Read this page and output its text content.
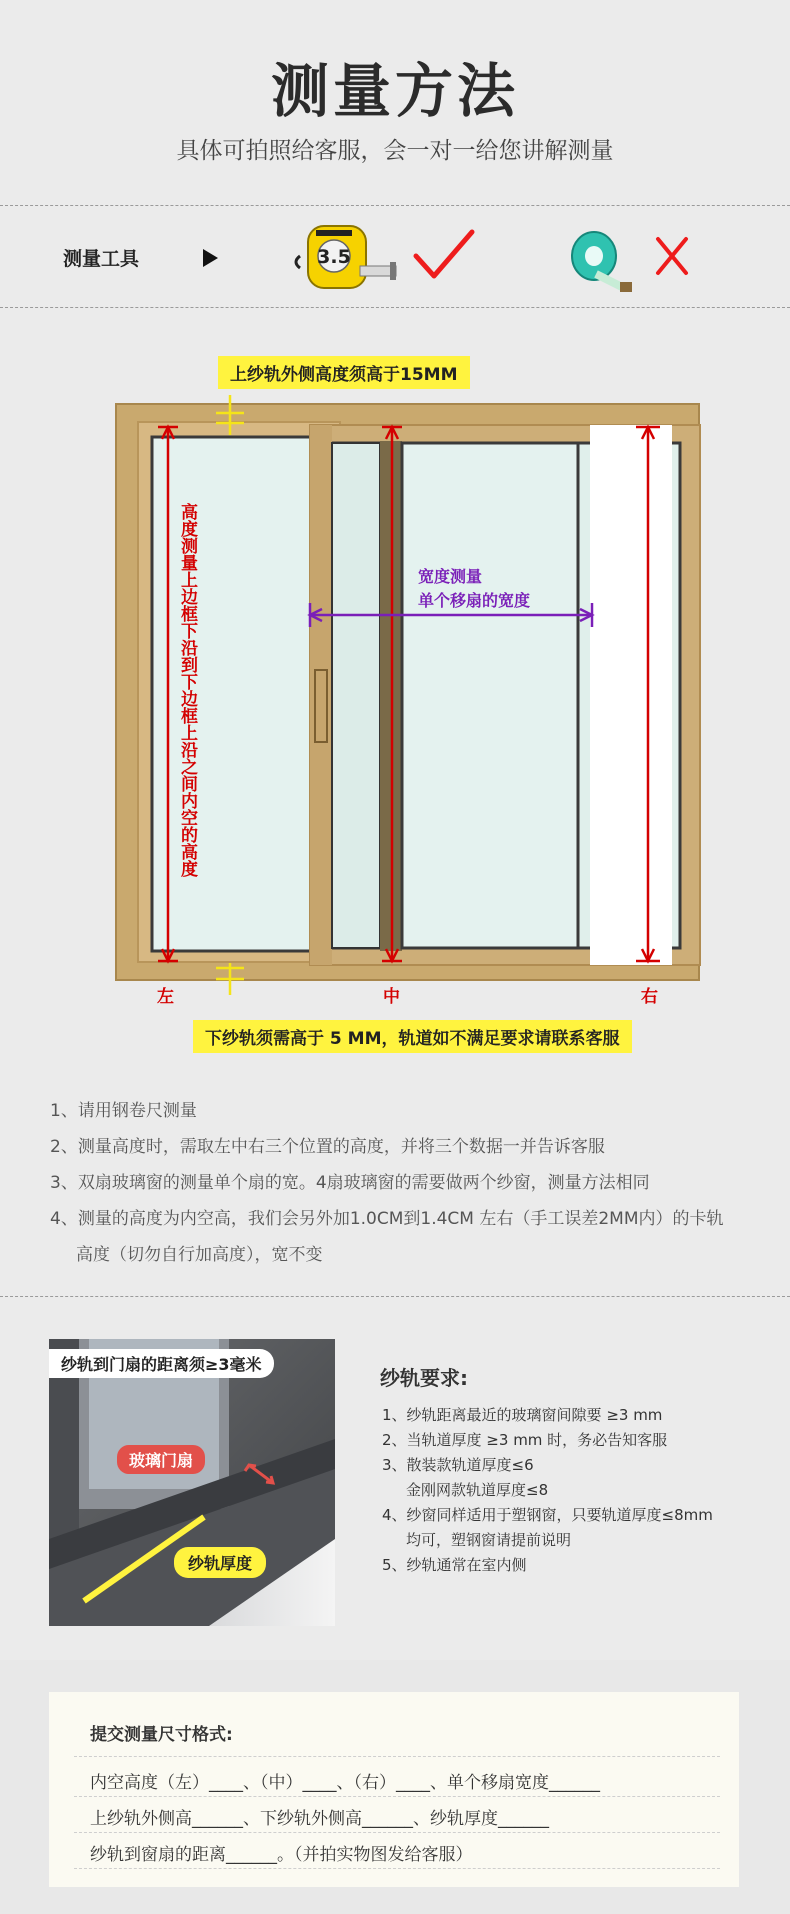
测量方法
具体可拍照给客服，会一对一给您讲解测量
测量工具	3.5
上纱轨外侧高度须高于15MM
高度测量上边框下沿到下边框上沿之间内空的高度	宽度测量
单个移扇的宽度
左	中	右
下纱轨须需高于 5 MM，轨道如不满足要求请联系客服
1、请用钢卷尺测量
2、测量高度时，需取左中右三个位置的高度，并将三个数据一并告诉客服
3、双扇玻璃窗的测量单个扇的宽。4扇玻璃窗的需要做两个纱窗，测量方法相同
4、测量的高度为内空高，我们会另外加1.0CM到1.4CM 左右（手工误差2MM内）的卡轨
高度（切勿自行加高度），宽不变
纱轨到门扇的距离须≥3毫米
玻璃门扇
纱轨厚度
纱轨要求:
1、纱轨距离最近的玻璃窗间隙要 ≥3 mm
2、当轨道厚度 ≥3 mm 时，务必告知客服
3、散装款轨道厚度≤6
金刚网款轨道厚度≤8
4、纱窗同样适用于塑钢窗，只要轨道厚度≤8mm
均可，塑钢窗请提前说明
5、纱轨通常在室内侧
提交测量尺寸格式:
内空高度（左）____、（中）____、（右）____、单个移扇宽度______
上纱轨外侧高______、下纱轨外侧高______、纱轨厚度______
纱轨到窗扇的距离______。（并拍实物图发给客服）
